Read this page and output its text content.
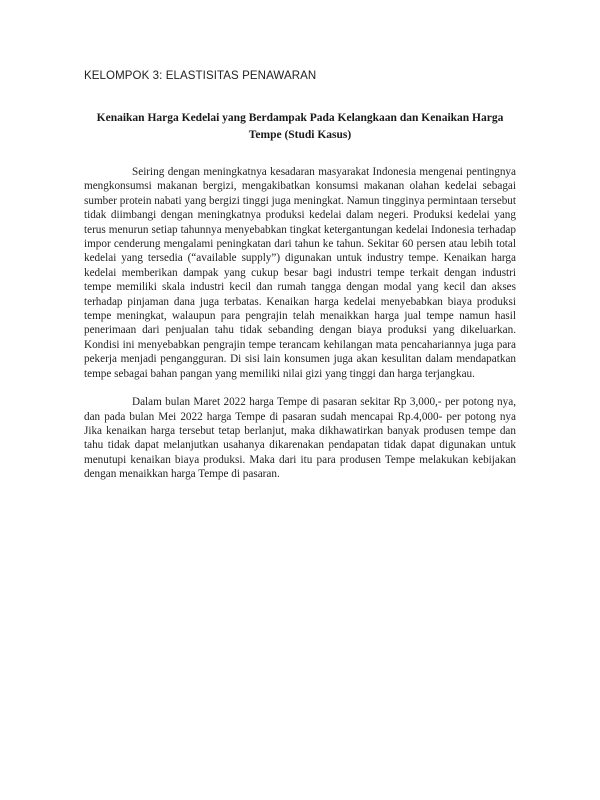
KELOMPOK 3: ELASTISITAS PENAWARAN
Kenaikan Harga Kedelai yang Berdampak Pada Kelangkaan dan Kenaikan Harga Tempe (Studi Kasus)

Seiring dengan meningkatnya kesadaran masyarakat Indonesia mengenai pentingnya mengkonsumsi makanan bergizi, mengakibatkan konsumsi makanan olahan kedelai sebagai sumber protein nabati yang bergizi tinggi juga meningkat. Namun tingginya permintaan tersebut tidak diimbangi dengan meningkatnya produksi kedelai dalam negeri. Produksi kedelai yang terus menurun setiap tahunnya menyebabkan tingkat ketergantungan kedelai Indonesia terhadap impor cenderung mengalami peningkatan dari tahun ke tahun. Sekitar 60 persen atau lebih total kedelai yang tersedia (“available supply”) digunakan untuk industry tempe. Kenaikan harga kedelai memberikan dampak yang cukup besar bagi industri tempe terkait dengan industri tempe memiliki skala industri kecil dan rumah tangga dengan modal yang kecil dan akses terhadap pinjaman dana juga terbatas. Kenaikan harga kedelai menyebabkan biaya produksi tempe meningkat, walaupun para pengrajin telah menaikkan harga jual tempe namun hasil penerimaan dari penjualan tahu tidak sebanding dengan biaya produksi yang dikeluarkan. Kondisi ini menyebabkan pengrajin tempe terancam kehilangan mata pencahariannya juga para pekerja menjadi pengangguran. Di sisi lain konsumen juga akan kesulitan dalam mendapatkan tempe sebagai bahan pangan yang memiliki nilai gizi yang tinggi dan harga terjangkau.

Dalam bulan Maret 2022 harga Tempe di pasaran sekitar Rp 3,000,- per potong nya, dan pada bulan Mei 2022 harga Tempe di pasaran sudah mencapai Rp.4,000- per potong nya Jika kenaikan harga tersebut tetap berlanjut, maka dikhawatirkan banyak produsen tempe dan tahu tidak dapat melanjutkan usahanya dikarenakan pendapatan tidak dapat digunakan untuk menutupi kenaikan biaya produksi. Maka dari itu para produsen Tempe melakukan kebijakan dengan menaikkan harga Tempe di pasaran.
